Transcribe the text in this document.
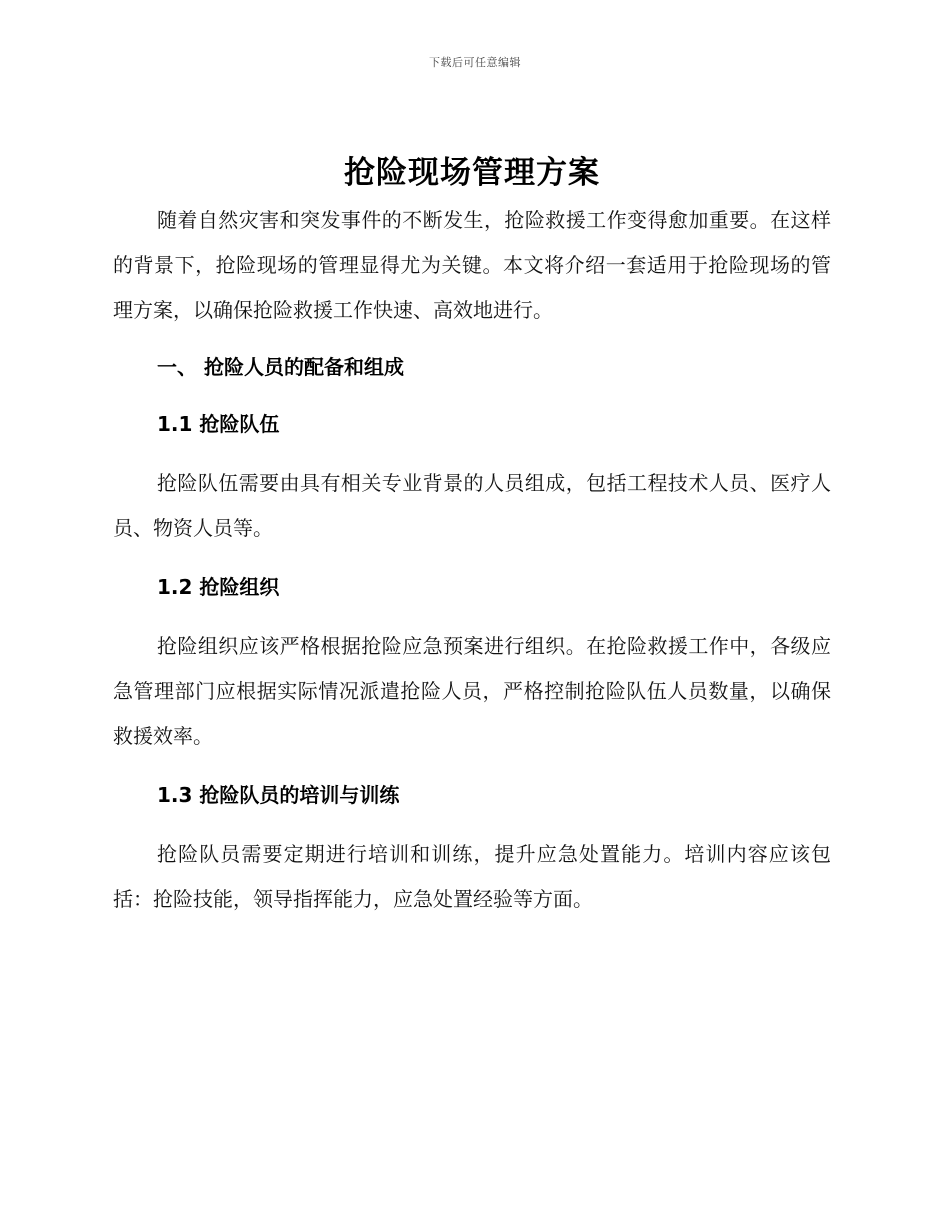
下载后可任意编辑
抢险现场管理方案

随着自然灾害和突发事件的不断发生，抢险救援工作变得愈加重要。在这样的背景下，抢险现场的管理显得尤为关键。本文将介绍一套适用于抢险现场的管理方案，以确保抢险救援工作快速、高效地进行。

一、 抢险人员的配备和组成
1.1 抢险队伍

抢险队伍需要由具有相关专业背景的人员组成，包括工程技术人员、医疗人员、物资人员等。

1.2 抢险组织

抢险组织应该严格根据抢险应急预案进行组织。在抢险救援工作中，各级应急管理部门应根据实际情况派遣抢险人员，严格控制抢险队伍人员数量，以确保救援效率。

1.3 抢险队员的培训与训练

抢险队员需要定期进行培训和训练，提升应急处置能力。培训内容应该包括：抢险技能，领导指挥能力，应急处置经验等方面。
